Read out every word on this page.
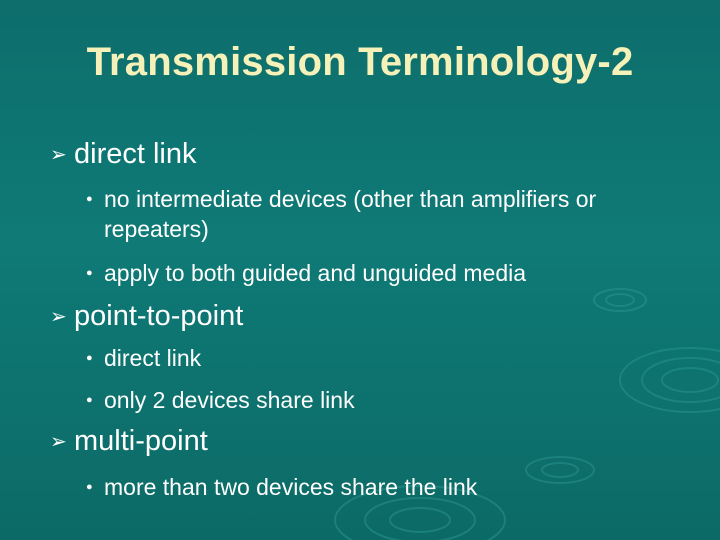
Transmission Terminology-2
➢ direct link
● no intermediate devices (other than amplifiers or repeaters)
● apply to both guided and unguided media
➢ point-to-point
● direct link
● only 2 devices share link
➢ multi-point
● more than two devices share the link
